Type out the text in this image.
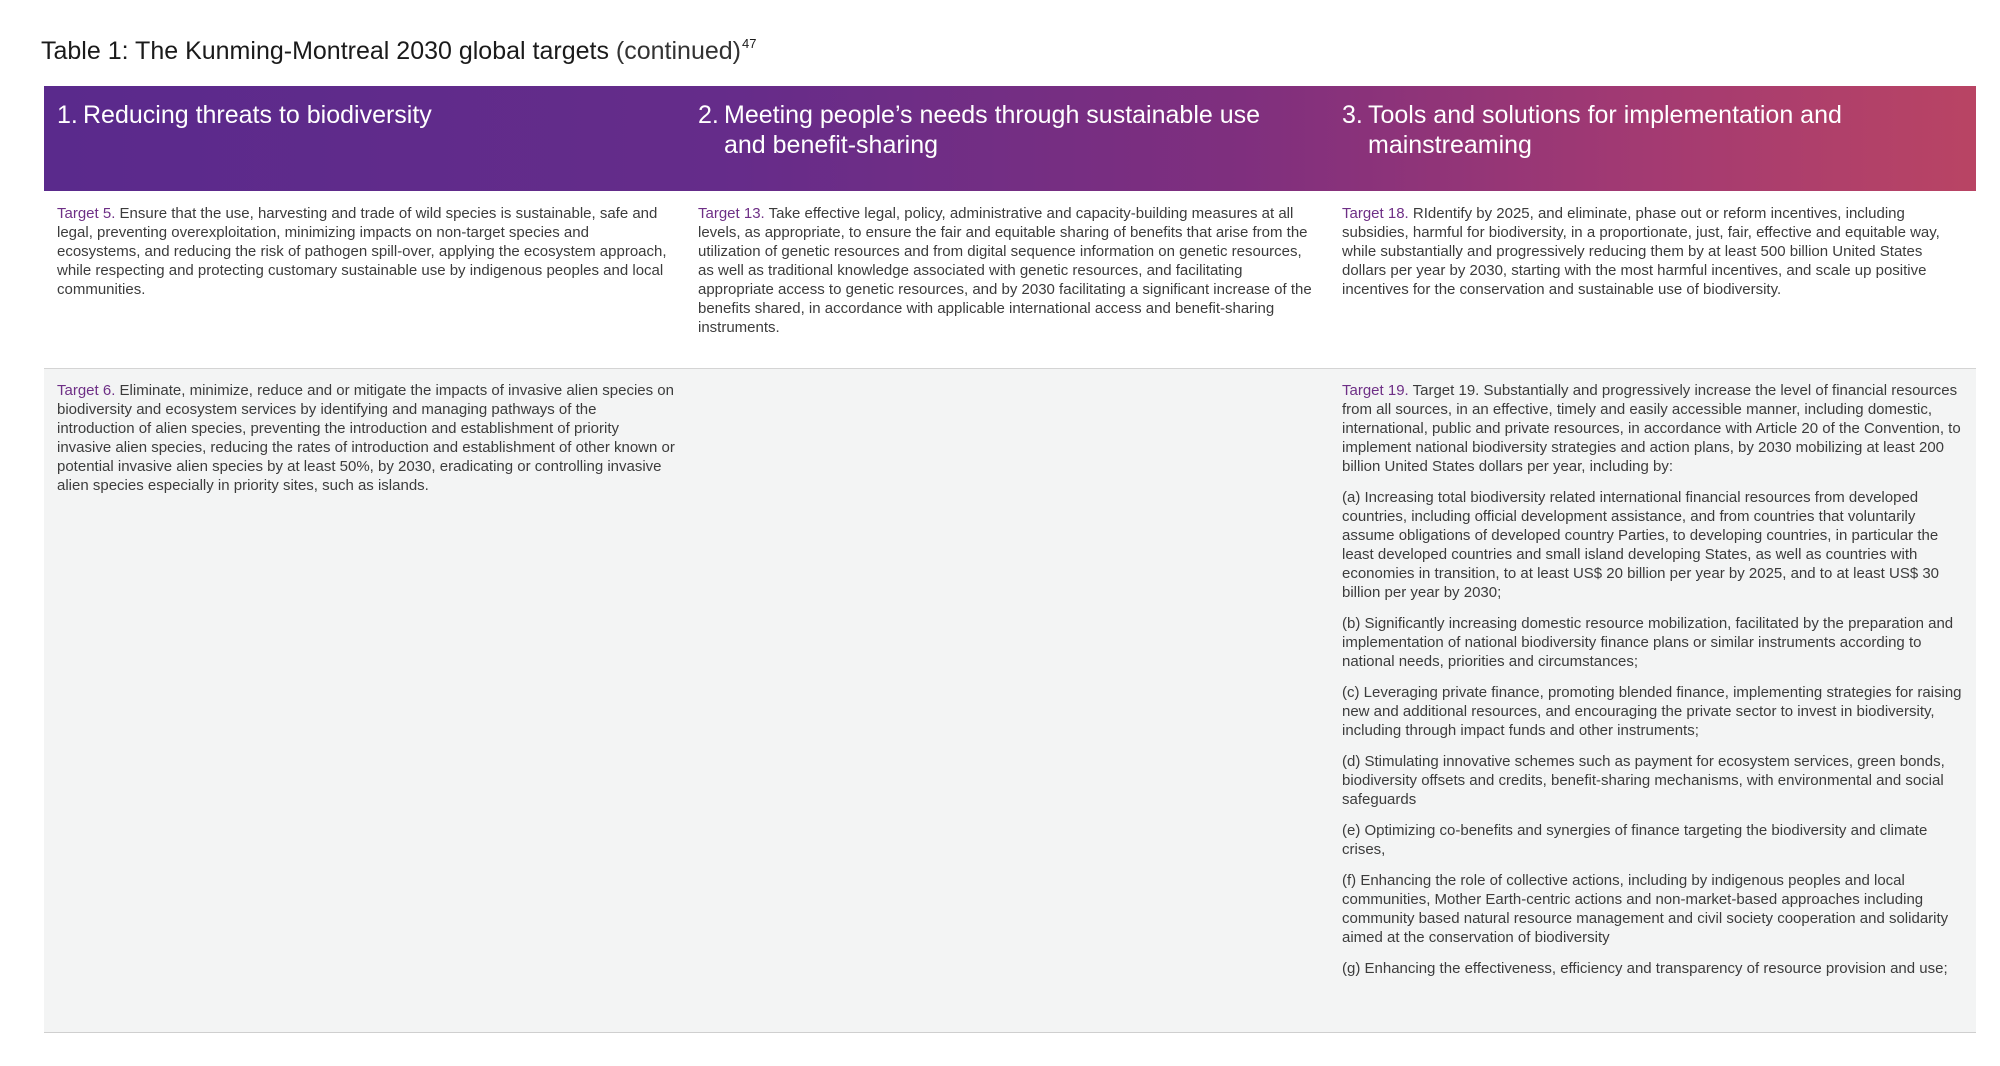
Table 1: The Kunming-Montreal 2030 global targets (continued)$^{47}$
1. Reducing threats to biodiversity	2. Meeting people’s needs through sustainable use and benefit-sharing
3. Tools and solutions for implementation and mainstreaming

Target 5. Ensure that the use, harvesting and trade of wild species is sustainable, safe and legal, preventing overexploitation, minimizing impacts on non-target species and ecosystems, and reducing the risk of pathogen spill-over, applying the ecosystem approach, while respecting and protecting customary sustainable use by indigenous peoples and local communities.

Target 13. Take effective legal, policy, administrative and capacity-building measures at all levels, as appropriate, to ensure the fair and equitable sharing of benefits that arise from the utilization of genetic resources and from digital sequence information on genetic resources, as well as traditional knowledge associated with genetic resources, and facilitating appropriate access to genetic resources, and by 2030 facilitating a significant increase of the benefits shared, in accordance with applicable international access and benefit-sharing instruments.

Target 18. RIdentify by 2025, and eliminate, phase out or reform incentives, including subsidies, harmful for biodiversity, in a proportionate, just, fair, effective and equitable way, while substantially and progressively reducing them by at least 500 billion United States dollars per year by 2030, starting with the most harmful incentives, and scale up positive incentives for the conservation and sustainable use of biodiversity.

Target 6. Eliminate, minimize, reduce and or mitigate the impacts of invasive alien species on biodiversity and ecosystem services by identifying and managing pathways of the introduction of alien species, preventing the introduction and establishment of priority invasive alien species, reducing the rates of introduction and establishment of other known or potential invasive alien species by at least 50%, by 2030, eradicating or controlling invasive alien species especially in priority sites, such as islands.

Target 19. Target 19. Substantially and progressively increase the level of financial resources from all sources, in an effective, timely and easily accessible manner, including domestic, international, public and private resources, in accordance with Article 20 of the Convention, to implement national biodiversity strategies and action plans, by 2030 mobilizing at least 200 billion United States dollars per year, including by:

(a) Increasing total biodiversity related international financial resources from developed countries, including official development assistance, and from countries that voluntarily assume obligations of developed country Parties, to developing countries, in particular the least developed countries and small island developing States, as well as countries with economies in transition, to at least US$ 20 billion per year by 2025, and to at least US$ 30 billion per year by 2030;

(b) Significantly increasing domestic resource mobilization, facilitated by the preparation and implementation of national biodiversity finance plans or similar instruments according to national needs, priorities and circumstances;

(c) Leveraging private finance, promoting blended finance, implementing strategies for raising new and additional resources, and encouraging the private sector to invest in biodiversity, including through impact funds and other instruments;

(d) Stimulating innovative schemes such as payment for ecosystem services, green bonds, biodiversity offsets and credits, benefit-sharing mechanisms, with environmental and social safeguards

(e) Optimizing co-benefits and synergies of finance targeting the biodiversity and climate crises,

(f) Enhancing the role of collective actions, including by indigenous peoples and local communities, Mother Earth-centric actions and non-market-based approaches including community based natural resource management and civil society cooperation and solidarity aimed at the conservation of biodiversity

(g) Enhancing the effectiveness, efficiency and transparency of resource provision and use;
